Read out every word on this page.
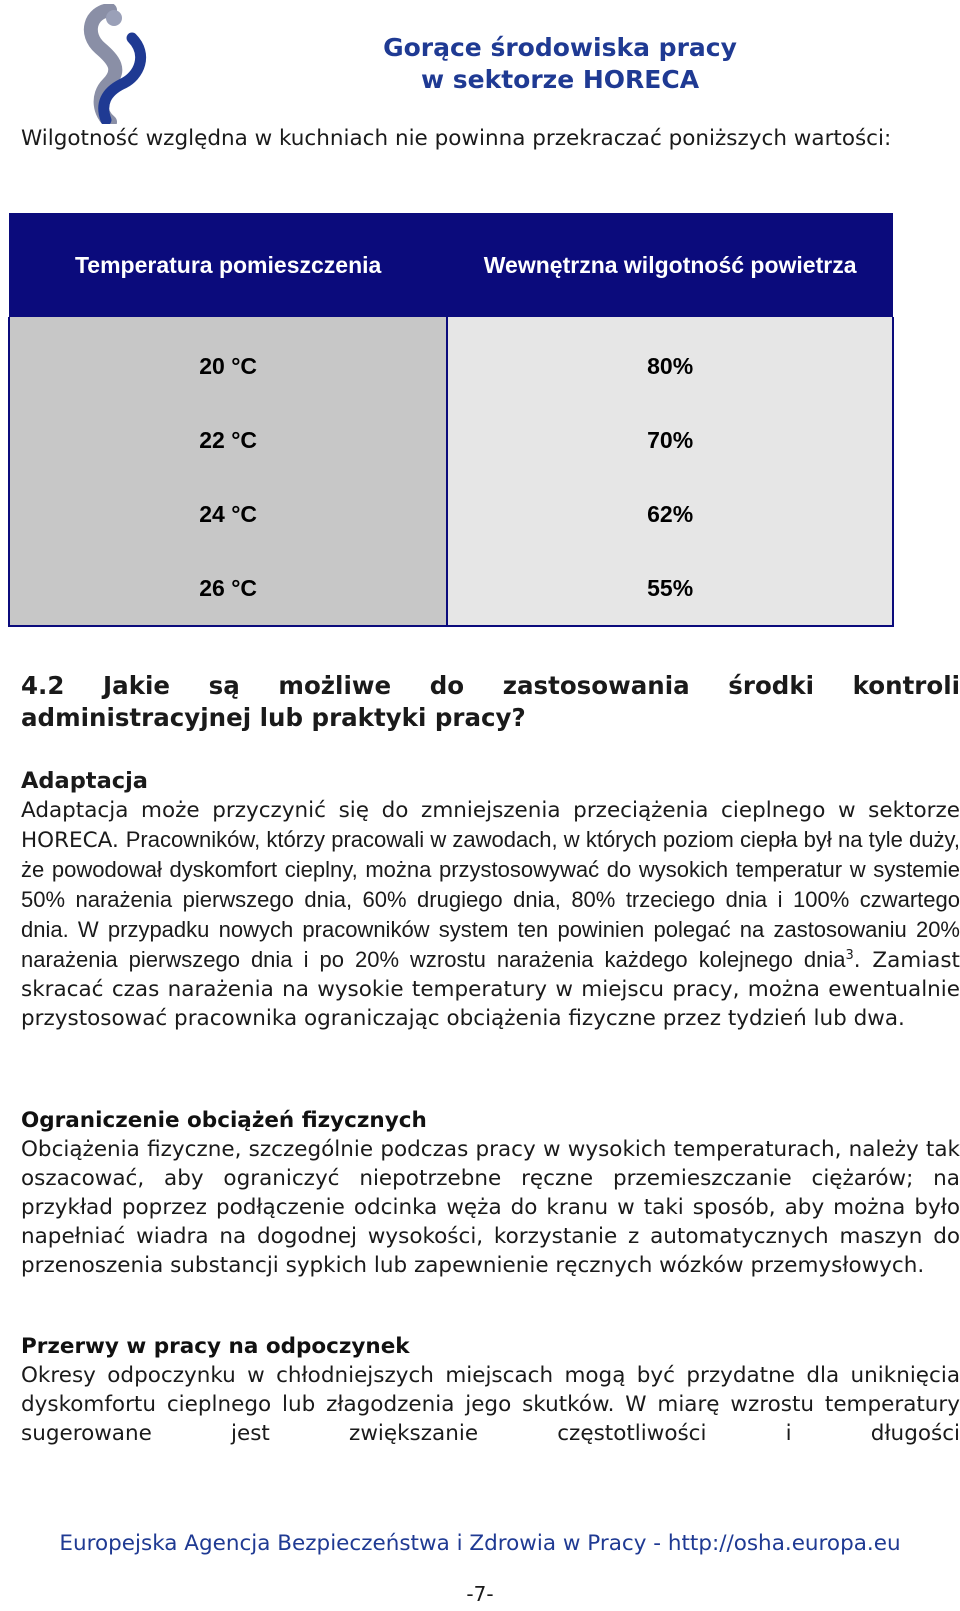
Gorące środowiska pracy
w sektorze HORECA

Wilgotność względna w kuchniach nie powinna przekraczać poniższych wartości:

Temperatura pomieszczenia	Wewnętrzna wilgotność powietrza

20 °C	80%
22 °C	70%
24 °C	62%
26 °C	55%
4.2 Jakie są możliwe do zastosowania środki kontroli
administracyjnej lub praktyki pracy?
Adaptacja
Adaptacja może przyczynić się do zmniejszenia przeciążenia cieplnego w sektorze HORECA. Pracowników, którzy pracowali w zawodach, w których poziom ciepła był na tyle duży, że powodował dyskomfort cieplny, można przystosowywać do wysokich temperatur w systemie 50% narażenia pierwszego dnia, 60% drugiego dnia, 80% trzeciego dnia i 100% czwartego dnia. W przypadku nowych pracowników system ten powinien polegać na zastosowaniu 20% narażenia pierwszego dnia i po 20% wzrostu narażenia każdego kolejnego dnia$^3$. Zamiast skracać czas narażenia na wysokie temperatury w miejscu pracy, można ewentualnie przystosować pracownika ograniczając obciążenia fizyczne przez tydzień lub dwa.
Ograniczenie obciążeń fizycznych
Obciążenia fizyczne, szczególnie podczas pracy w wysokich temperaturach, należy tak oszacować, aby ograniczyć niepotrzebne ręczne przemieszczanie ciężarów; na przykład poprzez podłączenie odcinka węża do kranu w taki sposób, aby można było napełniać wiadra na dogodnej wysokości, korzystanie z automatycznych maszyn do przenoszenia substancji sypkich lub zapewnienie ręcznych wózków przemysłowych.
Przerwy w pracy na odpoczynek
Okresy odpoczynku w chłodniejszych miejscach mogą być przydatne dla uniknięcia dyskomfortu cieplnego lub złagodzenia jego skutków. W miarę wzrostu temperatury sugerowane jest zwiększanie częstotliwości i długości
Europejska Agencja Bezpieczeństwa i Zdrowia w Pracy - http://osha.europa.eu
-7-
